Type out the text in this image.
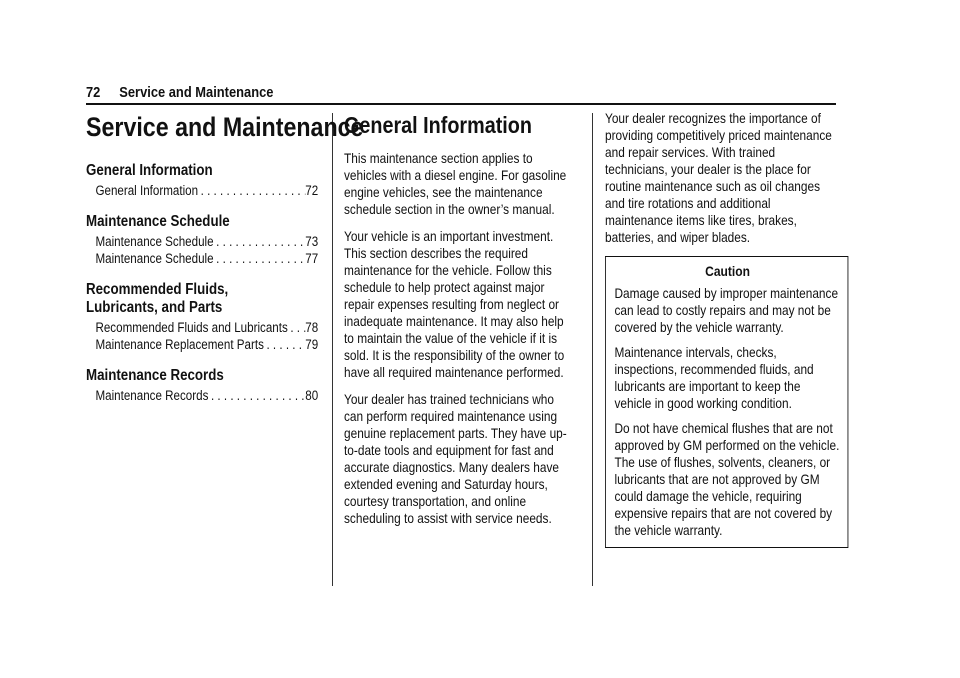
72 Service and Maintenance
Service and Maintenance
General Information
General Information . . .	72
Maintenance Schedule
Maintenance Schedule . . .	73
Maintenance Schedule . . .	77
Recommended Fluids, Lubricants, and Parts
Recommended Fluids and Lubricants . . . 78
Maintenance Replacement Parts . . .	79
Maintenance Records
Maintenance Records . . .	80
General Information

This maintenance section applies to vehicles with a diesel engine. For gasoline engine vehicles, see the maintenance schedule section in the owner’s manual.

Your vehicle is an important investment. This section describes the required maintenance for the vehicle. Follow this schedule to help protect against major repair expenses resulting from neglect or inadequate maintenance. It may also help to maintain the value of the vehicle if it is sold. It is the responsibility of the owner to have all required maintenance performed.

Your dealer has trained technicians who can perform required maintenance using genuine replacement parts. They have up-to-date tools and equipment for fast and accurate diagnostics. Many dealers have extended evening and Saturday hours, courtesy transportation, and online scheduling to assist with service needs.

Your dealer recognizes the importance of providing competitively priced maintenance and repair services. With trained technicians, your dealer is the place for routine maintenance such as oil changes and tire rotations and additional maintenance items like tires, brakes, batteries, and wiper blades.

Caution

Damage caused by improper maintenance can lead to costly repairs and may not be covered by the vehicle warranty.

Maintenance intervals, checks, inspections, recommended fluids, and lubricants are important to keep the vehicle in good working condition.

Do not have chemical flushes that are not approved by GM performed on the vehicle. The use of flushes, solvents, cleaners, or lubricants that are not approved by GM could damage the vehicle, requiring expensive repairs that are not covered by the vehicle warranty.
